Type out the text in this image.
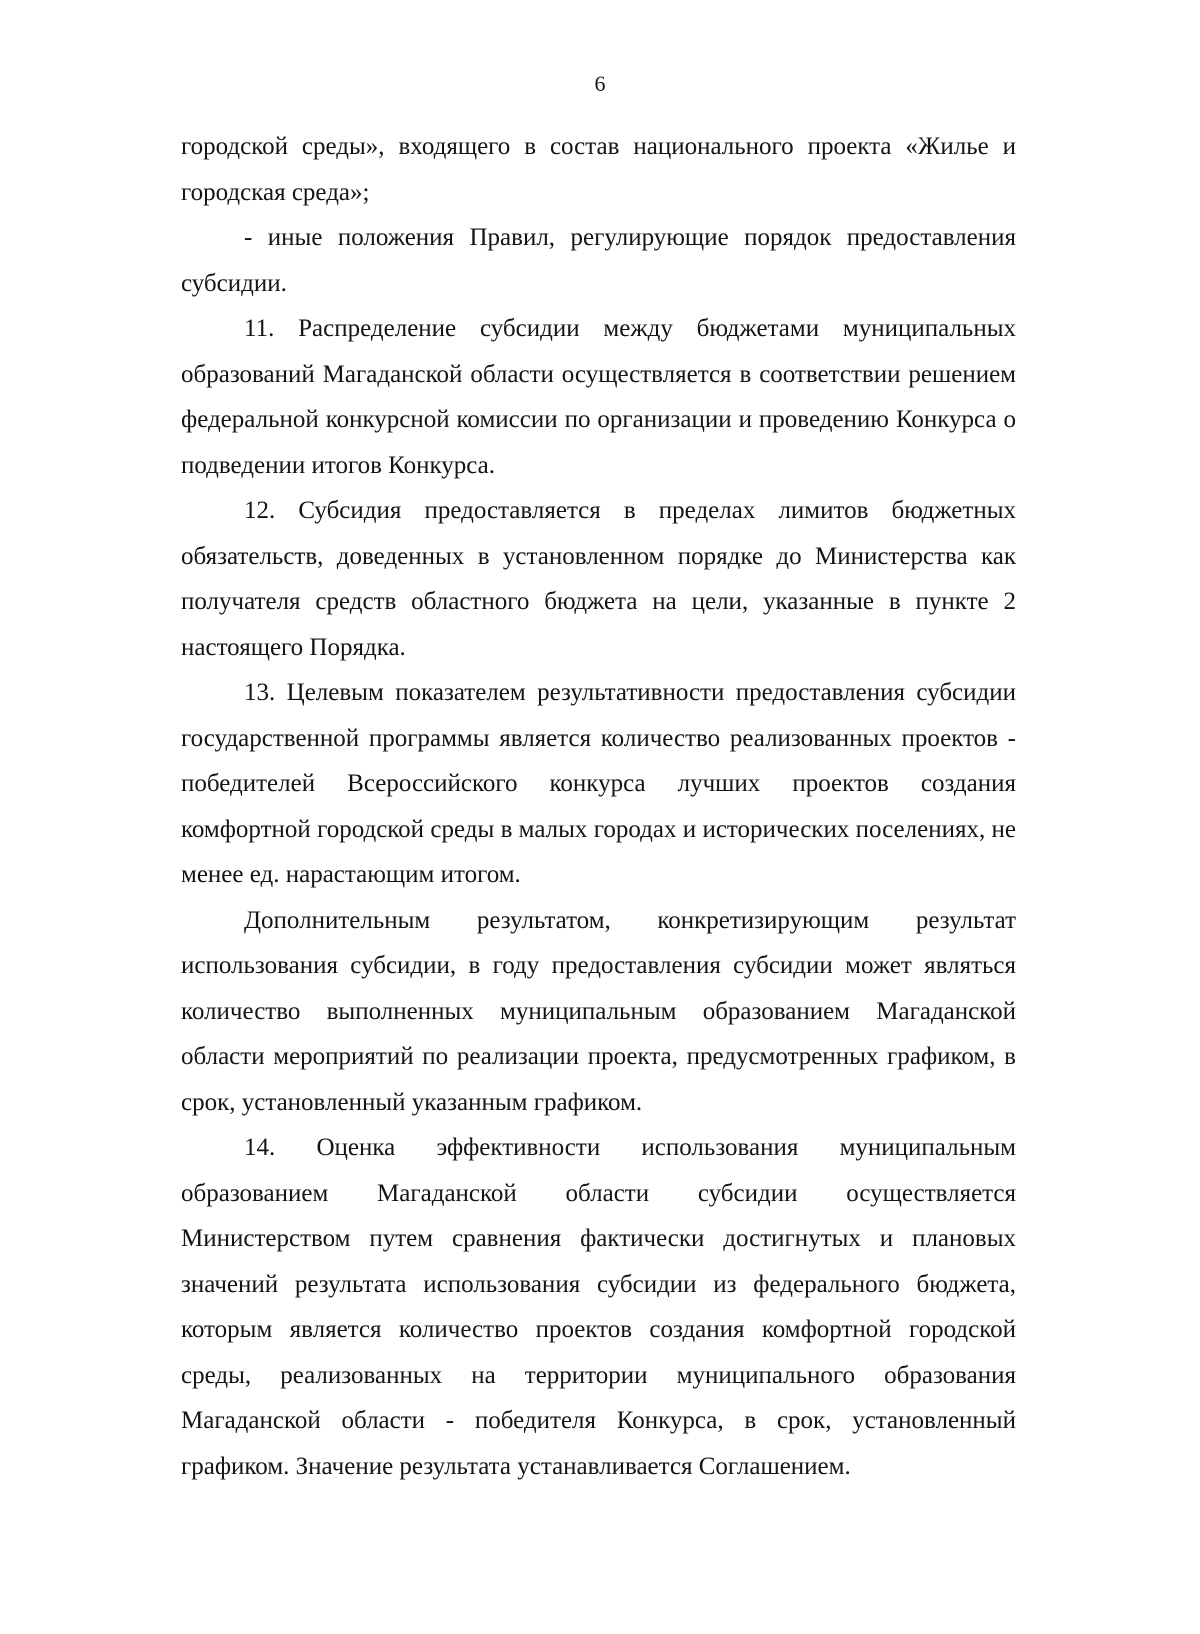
6

городской среды», входящего в состав национального проекта «Жилье и городская среда»;

- иные положения Правил, регулирующие порядок предоставления субсидии.

11. Распределение субсидии между бюджетами муниципальных образований Магаданской области осуществляется в соответствии решением федеральной конкурсной комиссии по организации и проведению Конкурса о подведении итогов Конкурса.

12. Субсидия предоставляется в пределах лимитов бюджетных обязательств, доведенных в установленном порядке до Министерства как получателя средств областного бюджета на цели, указанные в пункте 2 настоящего Порядка.

13. Целевым показателем результативности предоставления субсидии государственной программы является количество реализованных проектов - победителей Всероссийского конкурса лучших проектов создания комфортной городской среды в малых городах и исторических поселениях, не менее ед. нарастающим итогом.

Дополнительным результатом, конкретизирующим результат использования субсидии, в году предоставления субсидии может являться количество выполненных муниципальным образованием Магаданской области мероприятий по реализации проекта, предусмотренных графиком, в срок, установленный указанным графиком.

14. Оценка эффективности использования муниципальным образованием Магаданской области субсидии осуществляется Министерством путем сравнения фактически достигнутых и плановых значений результата использования субсидии из федерального бюджета, которым является количество проектов создания комфортной городской среды, реализованных на территории муниципального образования Магаданской области - победителя Конкурса, в срок, установленный графиком. Значение результата устанавливается Соглашением.
